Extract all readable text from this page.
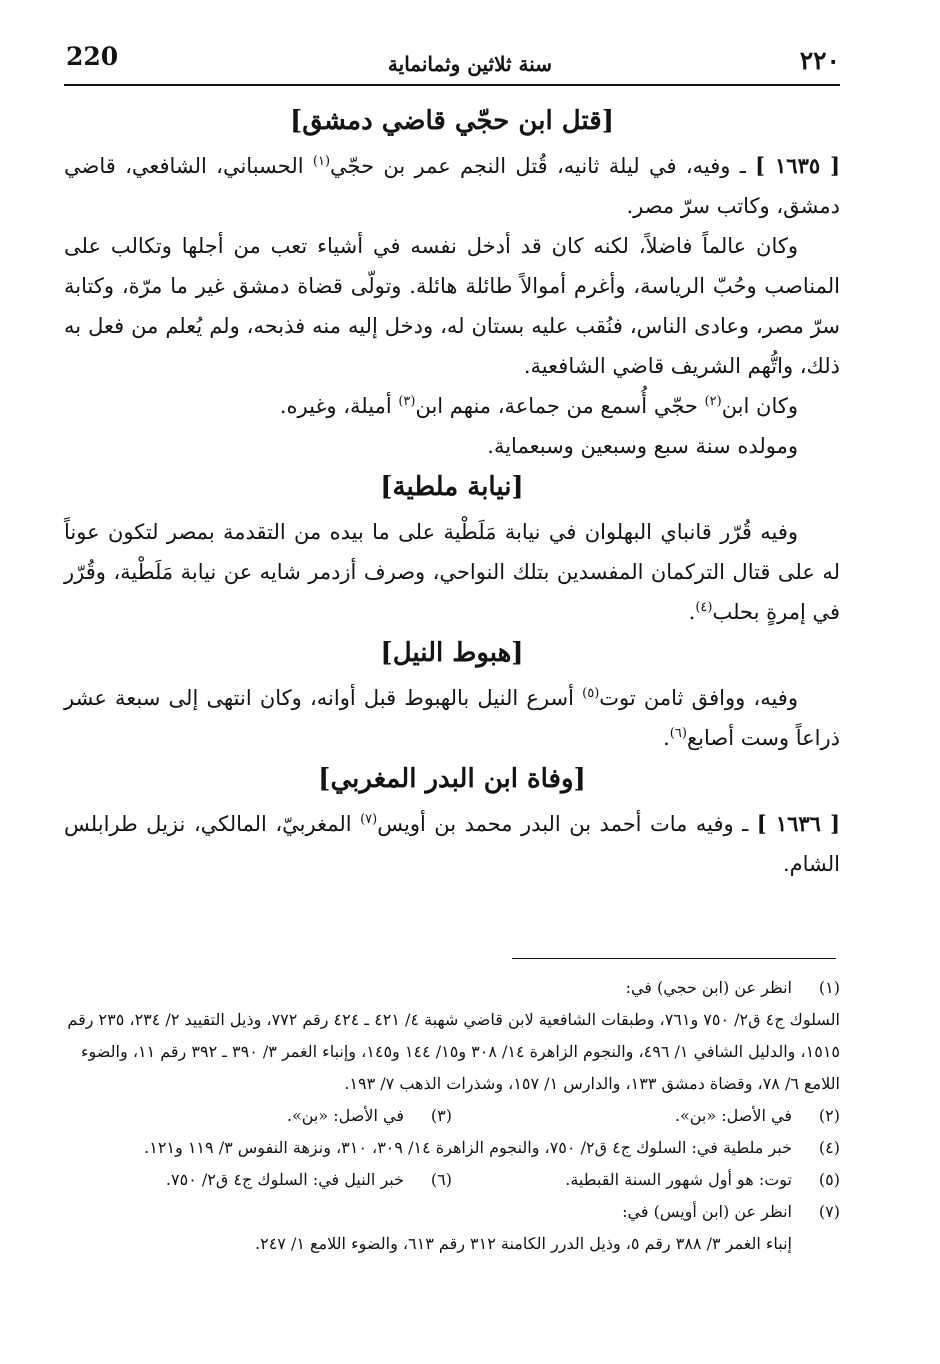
220	سنة ثلاثين وثمانماية	٢٢٠
[قتل ابن حجّي قاضي دمشق]

[ ١٦٣٥ ] ـ وفيه، في ليلة ثانيه، قُتل النجم عمر بن حجّي$^{(١)}$ الحسباني، الشافعي، قاضي دمشق، وكاتب سرّ مصر.

وكان عالماً فاضلاً، لكنه كان قد أدخل نفسه في أشياء تعب من أجلها وتكالب على المناصب وحُبّ الرياسة، وأغرم أموالاً طائلة هائلة. وتولّى قضاة دمشق غير ما مرّة، وكتابة سرّ مصر، وعادى الناس، فنُقب عليه بستان له، ودخل إليه منه فذبحه، ولم يُعلم من فعل به ذلك، واتُّهم الشريف قاضي الشافعية.

وكان ابن$^{(٢)}$ حجّي أُسمع من جماعة، منهم ابن$^{(٣)}$ أميلة، وغيره.

ومولده سنة سبع وسبعين وسبعماية.

[نيابة ملطية]

وفيه قُرّر قانباي البهلوان في نيابة مَلَطْية على ما بيده من التقدمة بمصر لتكون عوناً له على قتال التركمان المفسدين بتلك النواحي، وصرف أزدمر شايه عن نيابة مَلَطْية، وقُرّر في إمرةٍ بحلب$^{(٤)}$.

[هبوط النيل]

وفيه، ووافق ثامن توت$^{(٥)}$ أسرع النيل بالهبوط قبل أوانه، وكان انتهى إلى سبعة عشر ذراعاً وست أصابع$^{(٦)}$.

[وفاة ابن البدر المغربي]

[ ١٦٣٦ ] ـ وفيه مات أحمد بن البدر محمد بن أويس$^{(٧)}$ المغربيّ، المالكي، نزيل طرابلس الشام.

(١)
انظر عن (ابن حجي) في:
السلوك ج٤ ق٢/ ٧٥٠ و٧٦١، وطبقات الشافعية لابن قاضي شهبة ٤/ ٤٢١ ـ ٤٢٤ رقم ٧٧٢، وذيل التقييد ٢/ ٢٣٤، ٢٣٥ رقم ١٥١٥، والدليل الشافي ١/ ٤٩٦، والنجوم الزاهرة ١٤/ ٣٠٨ و١٥/ ١٤٤ و١٤٥، وإنباء الغمر ٣/ ٣٩٠ ـ ٣٩٢ رقم ١١، والضوء اللامع ٦/ ٧٨، وقضاة دمشق ١٣٣، والدارس ١/ ١٥٧، وشذرات الذهب ٧/ ١٩٣.
(٢)
في الأصل: «بن».
(٣)
في الأصل: «بن».
(٤)
خبر ملطية في: السلوك ج٤ ق٢/ ٧٥٠، والنجوم الزاهرة ١٤/ ٣٠٩، ٣١٠، ونزهة النفوس ٣/ ١١٩ و١٢١.
(٥)
توت: هو أول شهور السنة القبطية.
(٦)
خبر النيل في: السلوك ج٤ ق٢/ ٧٥٠.
(٧)
انظر عن (ابن أويس) في:
إنباء الغمر ٣/ ٣٨٨ رقم ٥، وذيل الدرر الكامنة ٣١٢ رقم ٦١٣، والضوء اللامع ١/ ٢٤٧.
